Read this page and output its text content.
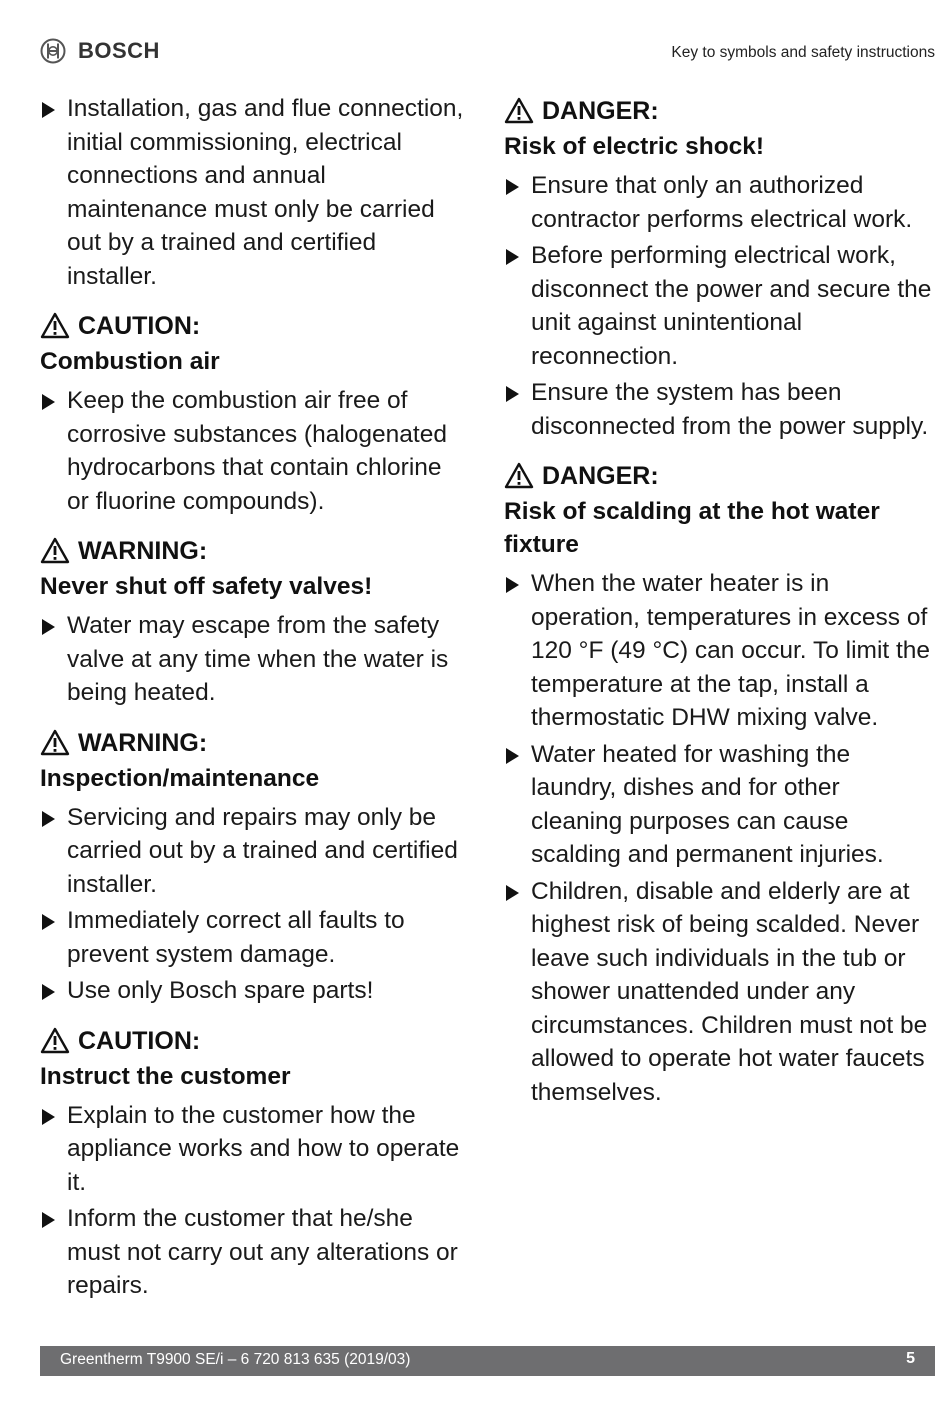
BOSCH	Key to symbols and safety instructions
Installation, gas and flue connection, initial commissioning, electrical connections and annual maintenance must only be carried out by a trained and certified installer.
CAUTION:
Combustion air
Keep the combustion air free of corrosive substances (halogenated hydrocarbons that contain chlorine or fluorine compounds).
WARNING:
Never shut off safety valves!
Water may escape from the safety valve at any time when the water is being heated.
WARNING:
Inspection/maintenance
Servicing and repairs may only be carried out by a trained and certified installer.
Immediately correct all faults to prevent system damage.
Use only Bosch spare parts!
CAUTION:
Instruct the customer
Explain to the customer how the appliance works and how to operate it.
Inform the customer that he/she must not carry out any alterations or repairs.
DANGER:
Risk of electric shock!
Ensure that only an authorized contractor performs electrical work.
Before performing electrical work, disconnect the power and secure the unit against unintentional reconnection.
Ensure the system has been disconnected from the power supply.
DANGER:
Risk of scalding at the hot water fixture
When the water heater is in operation, temperatures in excess of 120 °F (49 °C) can occur. To limit the temperature at the tap, install a thermostatic DHW mixing valve.
Water heated for washing the laundry, dishes and for other cleaning purposes can cause scalding and permanent injuries.
Children, disable and elderly are at highest risk of being scalded. Never leave such individuals in the tub or shower unattended under any circumstances. Children must not be allowed to operate hot water faucets themselves.
Greentherm T9900 SE/i – 6 720 813 635 (2019/03)	5
